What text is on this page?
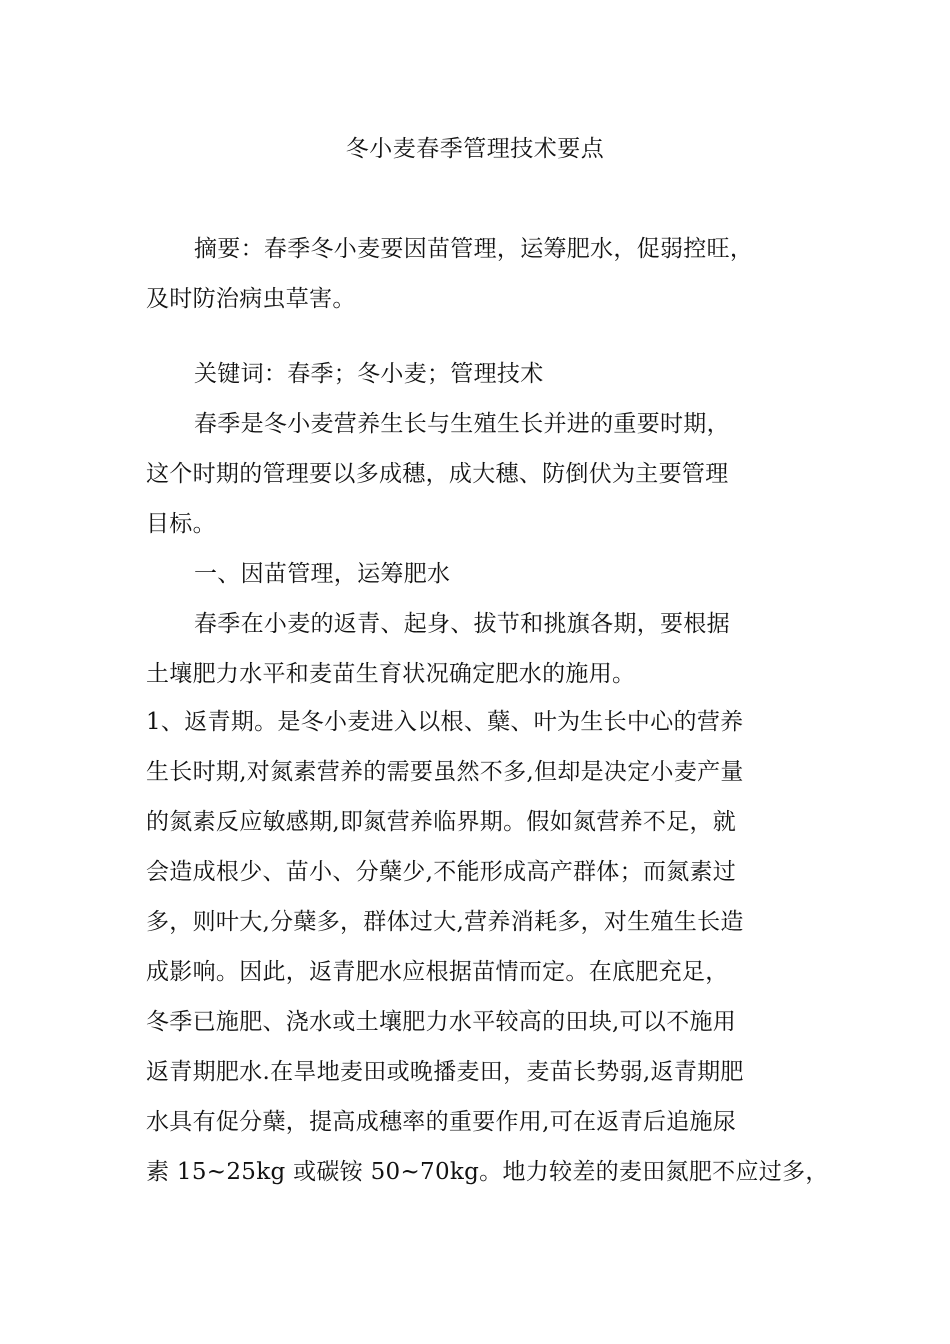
冬小麦春季管理技术要点
摘要：春季冬小麦要因苗管理，运筹肥水，促弱控旺，
及时防治病虫草害。
关键词：春季；冬小麦；管理技术
春季是冬小麦营养生长与生殖生长并进的重要时期，
这个时期的管理要以多成穗，成大穗、防倒伏为主要管理
目标。
一、因苗管理，运筹肥水
春季在小麦的返青、起身、拔节和挑旗各期，要根据
土壤肥力水平和麦苗生育状况确定肥水的施用。
1、返青期。是冬小麦进入以根、蘖、叶为生长中心的营养
生长时期,对氮素营养的需要虽然不多,但却是决定小麦产量
的氮素反应敏感期,即氮营养临界期。假如氮营养不足，就
会造成根少、苗小、分蘖少,不能形成高产群体；而氮素过
多，则叶大,分蘖多，群体过大,营养消耗多，对生殖生长造
成影响。因此，返青肥水应根据苗情而定。在底肥充足，
冬季已施肥、浇水或土壤肥力水平较高的田块,可以不施用
返青期肥水.在旱地麦田或晚播麦田，麦苗长势弱,返青期肥
水具有促分蘖，提高成穗率的重要作用,可在返青后追施尿
素 15~25kg 或碳铵 50~70kg。地力较差的麦田氮肥不应过多，
